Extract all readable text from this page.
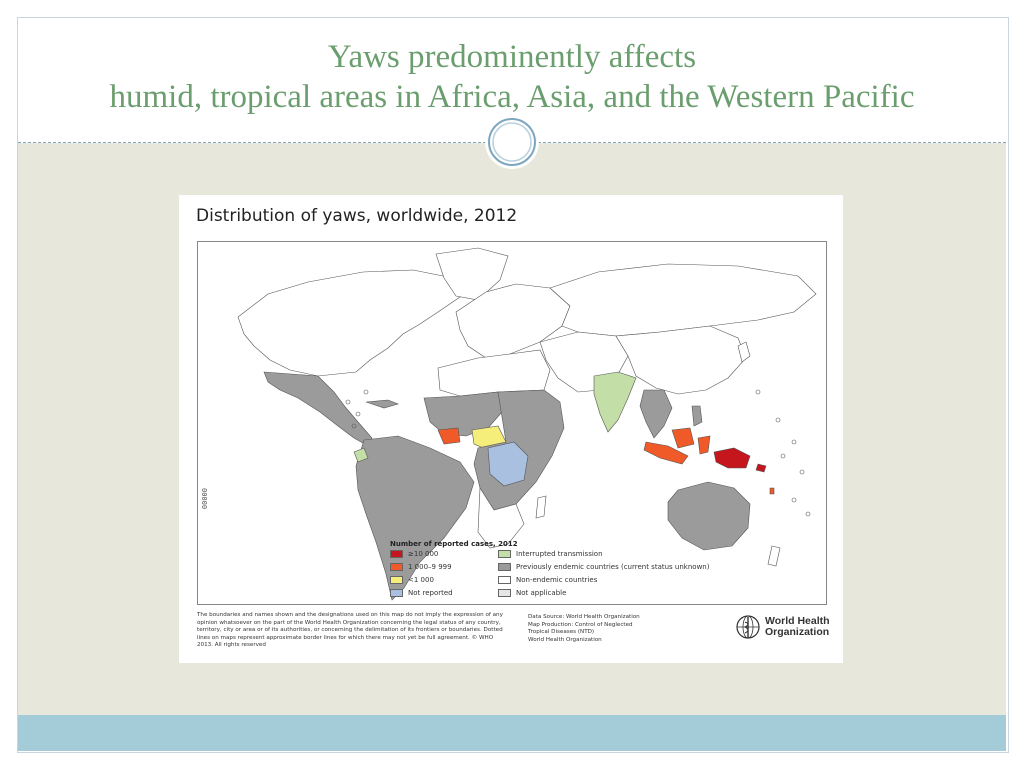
Yaws predominently affects

humid, tropical areas in Africa, Asia, and the Western Pacific

Distribution of yaws, worldwide, 2012
00000
Number of reported cases, 2012
≥10 000
1 000–9 999
<1 000
Not reported
Interrupted transmission
Previously endemic countries (current status unknown)
Non-endemic countries
Not applicable
The boundaries and names shown and the designations used on this map do not imply the expression of any opinion whatsoever on the part of the World Health Organization concerning the legal status of any country, territory, city or area or of its authorities, or concerning the delimitation of its frontiers or boundaries. Dotted lines on maps represent approximate border lines for which there may not yet be full agreement. © WHO 2013. All rights reserved
Data Source: World Health Organization
Map Production: Control of Neglected
Tropical Diseases (NTD)
World Health Organization
World Health
Organization
